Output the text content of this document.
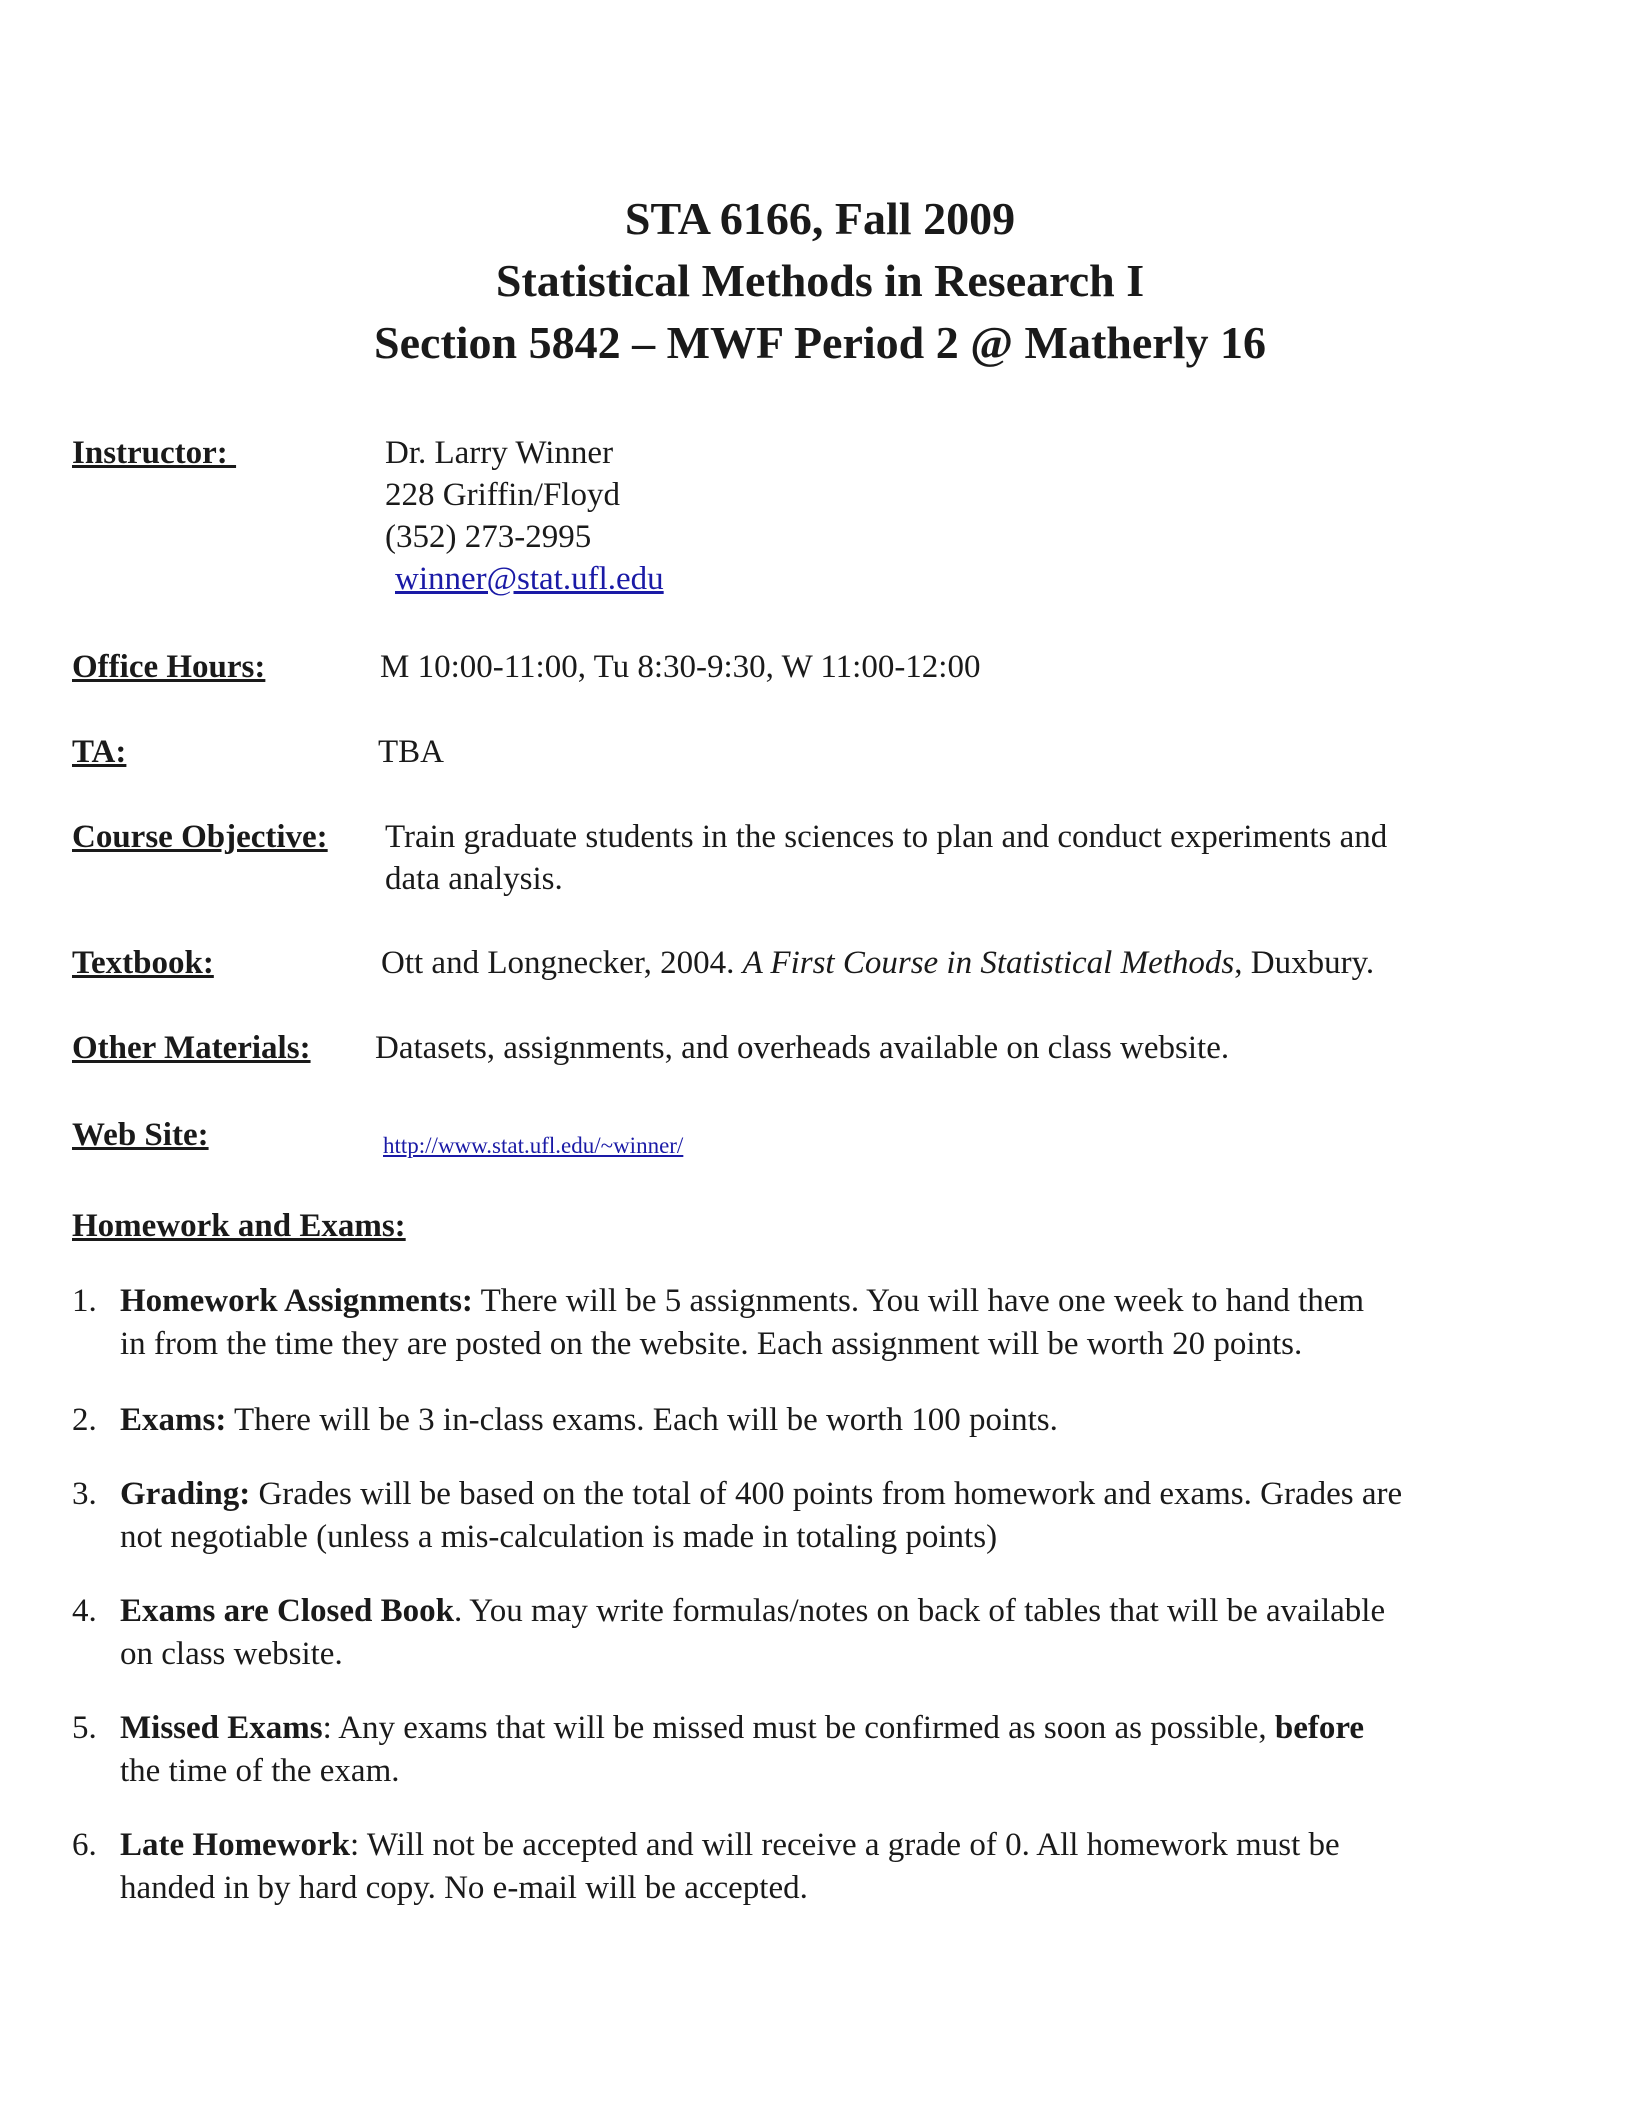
STA 6166, Fall 2009
Statistical Methods in Research I
Section 5842 – MWF Period 2 @ Matherly 16
Instructor:	Dr. Larry Winner
228 Griffin/Floyd
(352) 273-2995
winner@stat.ufl.edu
Office Hours:	M 10:00-11:00, Tu 8:30-9:30, W 11:00-12:00
TA:	TBA
Course Objective: Train graduate students in the sciences to plan and conduct experiments and
data analysis.
Textbook:	Ott and Longnecker, 2004. A First Course in Statistical Methods, Duxbury.
Other Materials: Datasets, assignments, and overheads available on class website.
Web Site:	http://www.stat.ufl.edu/~winner/
Homework and Exams:
1. Homework Assignments: There will be 5 assignments. You will have one week to hand them
in from the time they are posted on the website. Each assignment will be worth 20 points.
2. Exams: There will be 3 in-class exams. Each will be worth 100 points.
3. Grading: Grades will be based on the total of 400 points from homework and exams. Grades are
not negotiable (unless a mis-calculation is made in totaling points)
4. Exams are Closed Book. You may write formulas/notes on back of tables that will be available
on class website.
5. Missed Exams: Any exams that will be missed must be confirmed as soon as possible, before
the time of the exam.
6. Late Homework: Will not be accepted and will receive a grade of 0. All homework must be
handed in by hard copy. No e-mail will be accepted.
